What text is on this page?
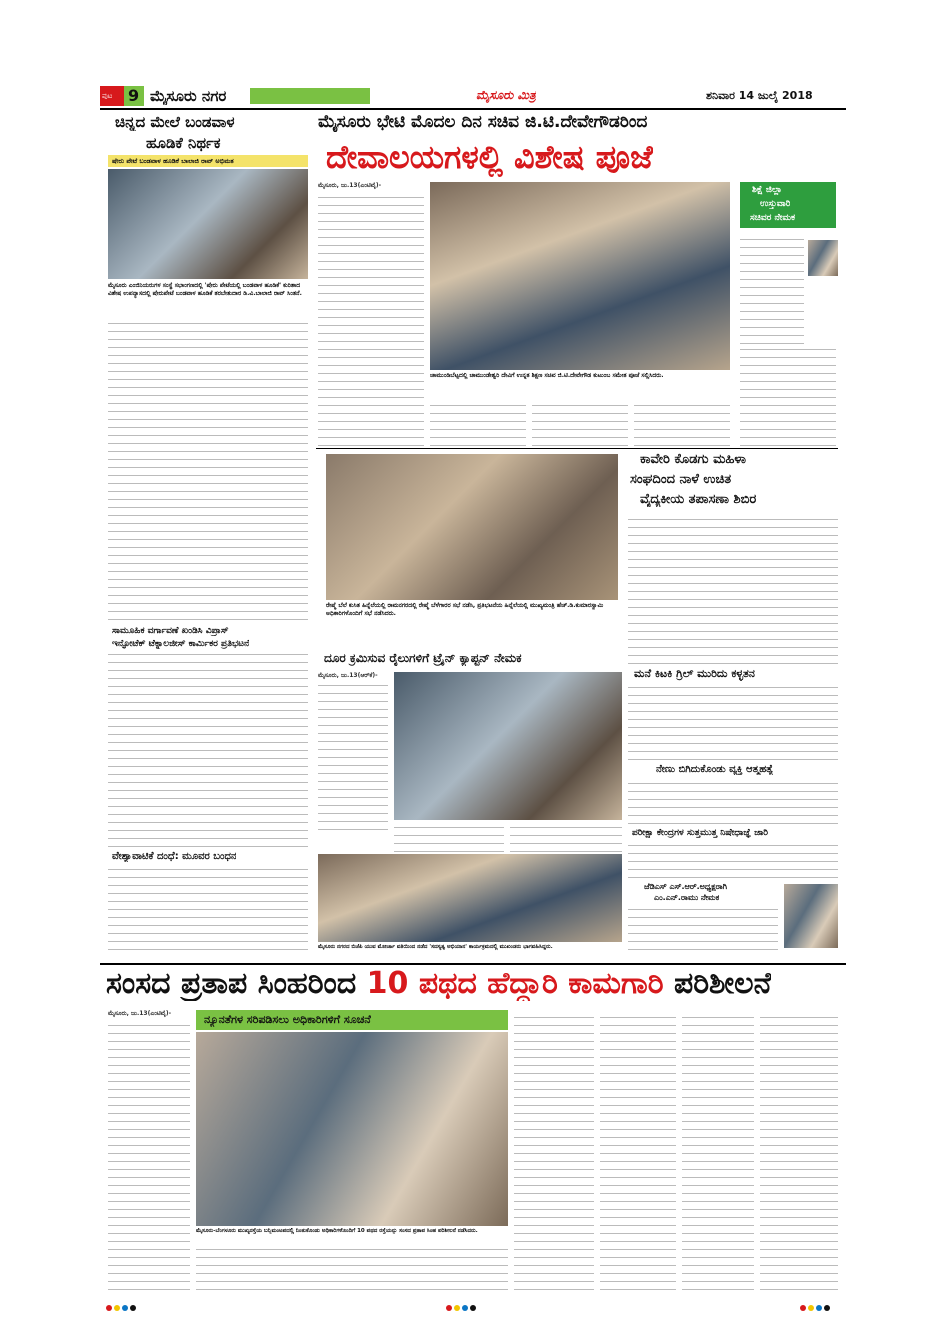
ಪುಟ 9 ಮೈಸೂರು ನಗರ	ಮೈಸೂರು ಮಿತ್ರ	ಶನಿವಾರ 14 ಜುಲೈ 2018
ಚಿನ್ನದ ಮೇಲೆ ಬಂಡವಾಳ
ಹೂಡಿಕೆ ನಿರ್ಥಕ
ಷೇರು ಪೇಟೆ ಬಂಡವಾಳ ಹೂಡಿಕೆ ಬಾಲಾಜಿ ರಾವ್ ಅಭಿಮತ
ಮೈಸೂರು ಎಂಜಿನಿಯರುಗಳ ಸಂಸ್ಥೆ ಸಭಾಂಗಣದಲ್ಲಿ 'ಷೇರು ಪೇಟೆಯಲ್ಲಿ ಬಂಡವಾಳ ಹೂಡಿಕೆ' ಕುರಿತಾದ ವಿಶೇಷ ಉಪನ್ಯಾಸದಲ್ಲಿ ಷೇರುಪೇಟೆ ಬಂಡವಾಳ ಹೂಡಿಕೆ ತರಬೇತುದಾರ ಡಿ.ವಿ.ಬಾಲಾಜಿ ರಾವ್ ಸಿಂತನೆ.
ಸಾಮೂಹಿಕ ವರ್ಗಾವಣೆ ಖಂಡಿಸಿ ವಿಪ್ರಾಸ್
ಇನ್ಫೋಟೆಕ್ ಟೆಕ್ನಾಲಜೀಸ್ ಕಾರ್ಮಿಕರ ಪ್ರತಿಭಟನೆ
ವೇಶ್ಯಾವಾಟಿಕೆ ದಂಧೆ: ಮೂವರ ಬಂಧನ
ಮೈಸೂರು ಭೇಟಿ ಮೊದಲ ದಿನ ಸಚಿವ ಜಿ.ಟಿ.ದೇವೇಗೌಡರಿಂದ
ದೇವಾಲಯಗಳಲ್ಲಿ ವಿಶೇಷ ಪೂಜೆ
ಮೈಸೂರು, ಜು.13(ಎಂಟಿವೈ)-
ಚಾಮುಂಡಿಬೆಟ್ಟದಲ್ಲಿ ಚಾಮುಂಡೇಶ್ವರಿ ದೇವಿಗೆ ಉನ್ನತ ಶಿಕ್ಷಣ ಸಚಿವ ಜಿ.ಟಿ.ದೇವೇಗೌಡ ಕುಟುಂಬ ಸಮೇತ ಪೂಜೆ ಸಲ್ಲಿಸಿದರು.
ಶಿಕ್ಷೆ ಜಿಲ್ಲಾ
ಉಸ್ತುವಾರಿ
ಸಚಿವರ ನೇಮಕ
ರೇಷ್ಮೆ ಬೆಲೆ ಕುಸಿತ ಹಿನ್ನೆಲೆಯಲ್ಲಿ ರಾಮನಗರದಲ್ಲಿ ರೇಷ್ಮೆ ಬೆಳೆಗಾರರ ಸಭೆ ನಡೆಸಿ, ಪ್ರತಿಭಟನೆಯ ಹಿನ್ನೆಲೆಯಲ್ಲಿ ಮುಖ್ಯಮಂತ್ರಿ ಹೆಚ್.ಡಿ.ಕುಮಾರಸ್ವಾಮಿ ಅಧಿಕಾರಿಗಳೊಂದಿಗೆ ಸಭೆ ನಡೆಸಿದರು.
ಕಾವೇರಿ ಕೊಡಗು ಮಹಿಳಾ
ಸಂಘದಿಂದ ನಾಳೆ ಉಚಿತ
ವೈದ್ಯಕೀಯ ತಪಾಸಣಾ ಶಿಬಿರ
ಮನೆ ಕಿಟಕಿ ಗ್ರಿಲ್ ಮುರಿದು ಕಳ್ಳತನ
ನೇಣು ಬಿಗಿದುಕೊಂಡು ವ್ಯಕ್ತಿ ಆತ್ಮಹತ್ಯೆ
ಪರೀಕ್ಷಾ ಕೇಂದ್ರಗಳ ಸುತ್ತಮುತ್ತ ನಿಷೇಧಾಜ್ಞೆ ಜಾರಿ
ಜೆಡಿಎಸ್ ಎಸ್.ಆರ್.ಅಧ್ಯಕ್ಷರಾಗಿ
ಎಂ.ಎನ್.ರಾಮು ನೇಮಕ
ದೂರ ಕ್ರಮಿಸುವ ರೈಲುಗಳಿಗೆ ಟ್ರೈನ್ ಕ್ಯಾಪ್ಟನ್ ನೇಮಕ
ಮೈಸೂರು, ಜು.13(ಆರ್‌ಕೆ)-
ಮೈಸೂರು ನಗರದ ಬಿಜೆಪಿ ಯುವ ಮೋರ್ಚಾ ವತಿಯಿಂದ ನಡೆದ 'ಸದಸ್ಯತ್ವ ಅಭಿಯಾನ' ಕಾರ್ಯಕ್ರಮದಲ್ಲಿ ಮುಖಂಡರು ಭಾಗವಹಿಸಿದ್ದರು.
ಸಂಸದ ಪ್ರತಾಪ ಸಿಂಹರಿಂದ 10 ಪಥದ ಹೆದ್ದಾರಿ ಕಾಮಗಾರಿ ಪರಿಶೀಲನೆ
ಮೈಸೂರು, ಜು.13(ಎಂಟಿವೈ)-	ನ್ಯೂನತೆಗಳ ಸರಿಪಡಿಸಲು ಅಧಿಕಾರಿಗಳಿಗೆ ಸೂಚನೆ
ಮೈಸೂರು-ಬೆಂಗಳೂರು ಮುಖ್ಯರಸ್ತೆಯ ಬನ್ನಿಮಂಟಪದಲ್ಲಿ ನಿಂತುಕೊಂಡು ಅಧಿಕಾರಿಗಳೊಂದಿಗೆ 10 ಪಥದ ರಸ್ತೆಯನ್ನು ಸಂಸದ ಪ್ರತಾಪ ಸಿಂಹ ಪರಿಶೀಲನೆ ನಡೆಸಿದರು.
